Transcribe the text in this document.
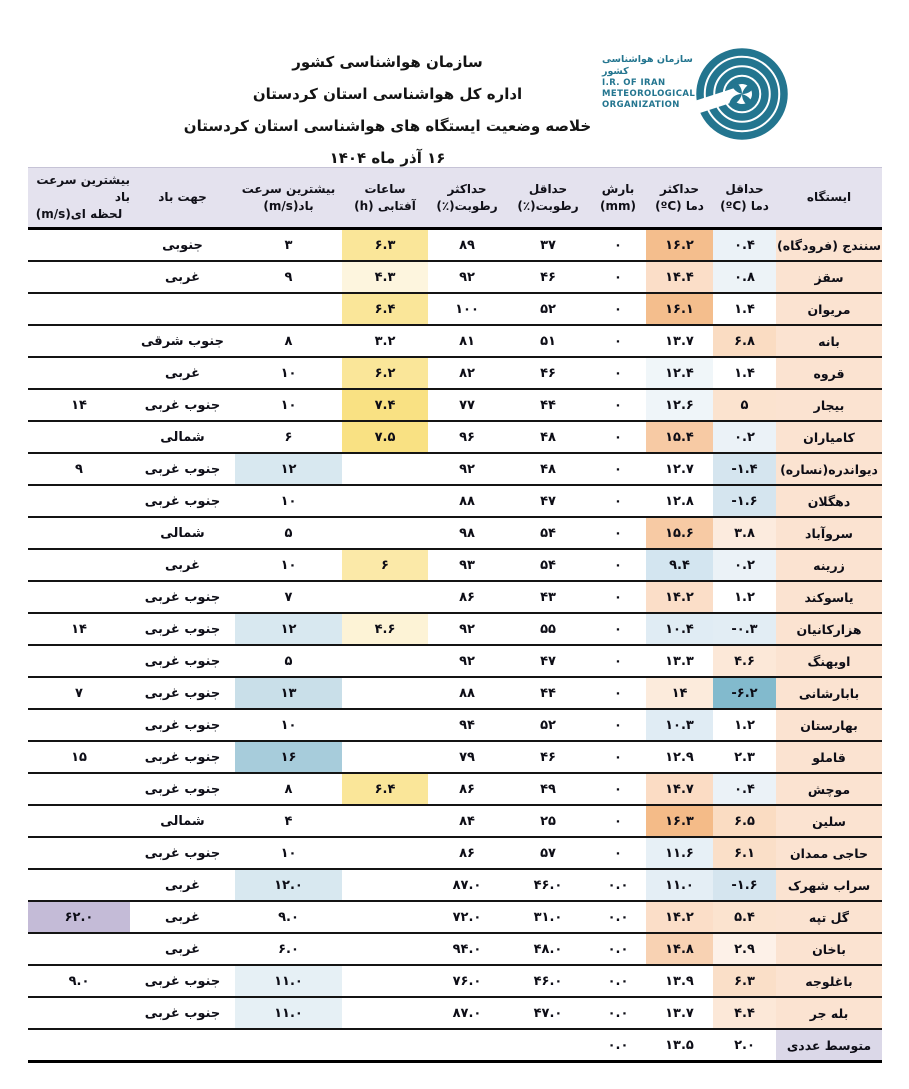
سازمان هواشناسی کشور
I.R. OF IRAN
METEOROLOGICAL
ORGANIZATION
سازمان هواشناسی کشور
اداره کل هواشناسی استان کردستان
خلاصه وضعیت ایستگاه های هواشناسی استان کردستان
۱۶ آذر ماه ۱۴۰۴
ایستگاه
حداقل
دما (ºC)
حداکثر
دما (ºC)
بارش
(mm)
حداقل
رطوبت(٪)
حداکثر
رطوبت(٪)
ساعات
آفتابی (h)
بیشترین سرعت
باد(m/s)
جهت باد
بیشترین سرعت باد
لحظه ای(m/s)
سنندج (فرودگاه)
۰.۴
۱۶.۲
۰
۳۷
۸۹
۶.۳
۳
جنوبی
سقز
۰.۸
۱۴.۴
۰
۴۶
۹۲
۴.۳
۹
غربی
مریوان
۱.۴
۱۶.۱
۰
۵۲
۱۰۰
۶.۴
بانه
۶.۸
۱۳.۷
۰
۵۱
۸۱
۳.۲
۸
جنوب شرقی
قروه
۱.۴
۱۲.۴
۰
۴۶
۸۲
۶.۲
۱۰
غربی
بیجار
۵
۱۲.۶
۰
۴۴
۷۷
۷.۴
۱۰
جنوب غربی
۱۴
کامیاران
۰.۲
۱۵.۴
۰
۴۸
۹۶
۷.۵
۶
شمالی
دیواندره(نساره)
-۱.۴
۱۲.۷
۰
۴۸
۹۲
۱۲
جنوب غربی
۹
دهگلان
-۱.۶
۱۲.۸
۰
۴۷
۸۸
۱۰
جنوب غربی
سروآباد
۳.۸
۱۵.۶
۰
۵۴
۹۸
۵
شمالی
زرینه
۰.۲
۹.۴
۰
۵۴
۹۳
۶
۱۰
غربی
یاسوکند
۱.۲
۱۴.۲
۰
۴۳
۸۶
۷
جنوب غربی
هزارکانیان
-۰.۳
۱۰.۴
۰
۵۵
۹۲
۴.۶
۱۲
جنوب غربی
۱۴
اویهنگ
۴.۶
۱۳.۳
۰
۴۷
۹۲
۵
جنوب غربی
بابارشانی
-۶.۲
۱۴
۰
۴۴
۸۸
۱۳
جنوب غربی
۷
بهارستان
۱.۲
۱۰.۳
۰
۵۲
۹۴
۱۰
جنوب غربی
قاملو
۲.۳
۱۲.۹
۰
۴۶
۷۹
۱۶
جنوب غربی
۱۵
موچش
۰.۴
۱۴.۷
۰
۴۹
۸۶
۶.۴
۸
جنوب غربی
سلین
۶.۵
۱۶.۳
۰
۲۵
۸۴
۴
شمالی
حاجی ممدان
۶.۱
۱۱.۶
۰
۵۷
۸۶
۱۰
جنوب غربی
سراب شهرک
-۱.۶
۱۱.۰
۰.۰
۴۶.۰
۸۷.۰
۱۲.۰
غربی
گل تپه
۵.۴
۱۴.۲
۰.۰
۳۱.۰
۷۲.۰
۹.۰
غربی
۶۲.۰
باخان
۲.۹
۱۴.۸
۰.۰
۴۸.۰
۹۴.۰
۶.۰
غربی
باغلوجه
۶.۳
۱۳.۹
۰.۰
۴۶.۰
۷۶.۰
۱۱.۰
جنوب غربی
۹.۰
بله جر
۴.۴
۱۳.۷
۰.۰
۴۷.۰
۸۷.۰
۱۱.۰
جنوب غربی
متوسط عددی
۲.۰
۱۳.۵
۰.۰
